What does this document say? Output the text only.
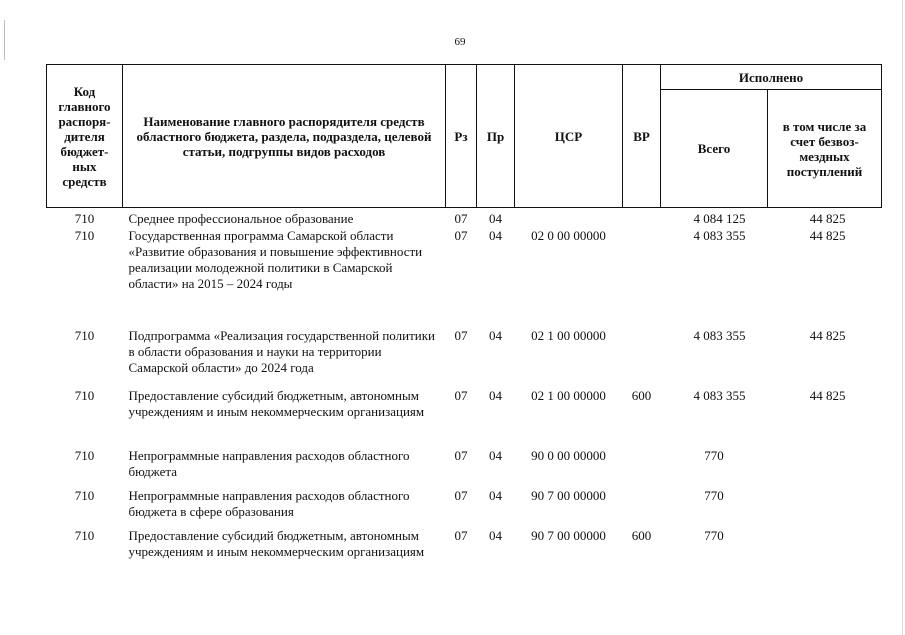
69
Код главного распоря-дителя бюджет-ных средств	Наименование главного распорядителя средств областного бюджета, раздела, подраздела, целевой статьи, подгруппы видов расходов	Рз	Пр	ЦСР	ВР	Исполнено	
						Всего	в том числе за счет безвоз-мездных поступлений
710	Среднее профессиональное образование	07	04			4 084 125	44 825
710	Государственная программа Самарской области «Развитие образования и повышение эффективности реализации молодежной политики в Самарской области» на 2015 – 2024 годы	07	04	02 0 00 00000		4 083 355	44 825
710	Подпрограмма «Реализация государственной политики в области образования и науки на территории Самарской области» до 2024 года	07	04	02 1 00 00000		4 083 355	44 825
710	Предоставление субсидий бюджетным, автономным учреждениям и иным некоммерческим организациям	07	04	02 1 00 00000	600	4 083 355	44 825
710	Непрограммные направления расходов областного бюджета	07	04	90 0 00 00000		770	
710	Непрограммные направления расходов областного бюджета в сфере образования	07	04	90 7 00 00000		770	
710	Предоставление субсидий бюджетным, автономным учреждениям и иным некоммерческим организациям	07	04	90 7 00 00000	600	770	
